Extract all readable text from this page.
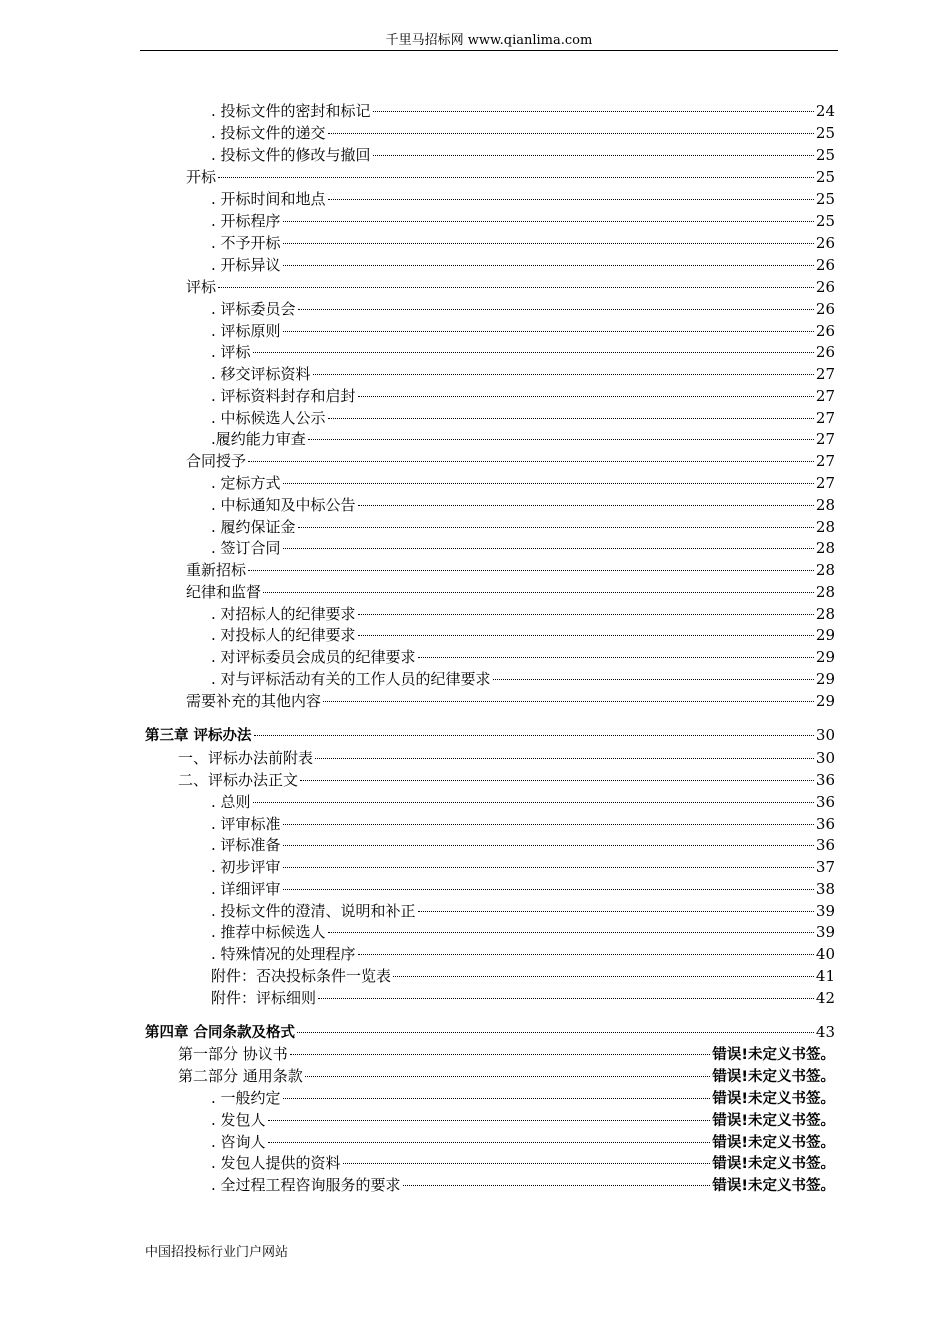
千里马招标网 www.qianlima.com
. 投标文件的密封和标记	24
. 投标文件的递交	25
. 投标文件的修改与撤回	25
开标	25
. 开标时间和地点	25
. 开标程序	25
. 不予开标	26
. 开标异议	26
评标	26
. 评标委员会	26
. 评标原则	26
. 评标	26
. 移交评标资料	27
. 评标资料封存和启封	27
. 中标候选人公示	27
.履约能力审查	27
合同授予	27
. 定标方式	27
. 中标通知及中标公告	28
. 履约保证金	28
. 签订合同	28
重新招标	28
纪律和监督	28
. 对招标人的纪律要求	28
. 对投标人的纪律要求	29
. 对评标委员会成员的纪律要求	29
. 对与评标活动有关的工作人员的纪律要求	29
需要补充的其他内容	29
第三章 评标办法	30
一、评标办法前附表	30
二、评标办法正文	36
. 总则	36
. 评审标准	36
. 评标准备	36
. 初步评审	37
. 详细评审	38
. 投标文件的澄清、说明和补正	39
. 推荐中标候选人	39
. 特殊情况的处理程序	40
附件：否决投标条件一览表	41
附件：评标细则	42
第四章 合同条款及格式	43
第一部分 协议书	错误!未定义书签。
第二部分 通用条款	错误!未定义书签。
. 一般约定	错误!未定义书签。
. 发包人	错误!未定义书签。
. 咨询人	错误!未定义书签。
. 发包人提供的资料	错误!未定义书签。
. 全过程工程咨询服务的要求	错误!未定义书签。
中国招投标行业门户网站
